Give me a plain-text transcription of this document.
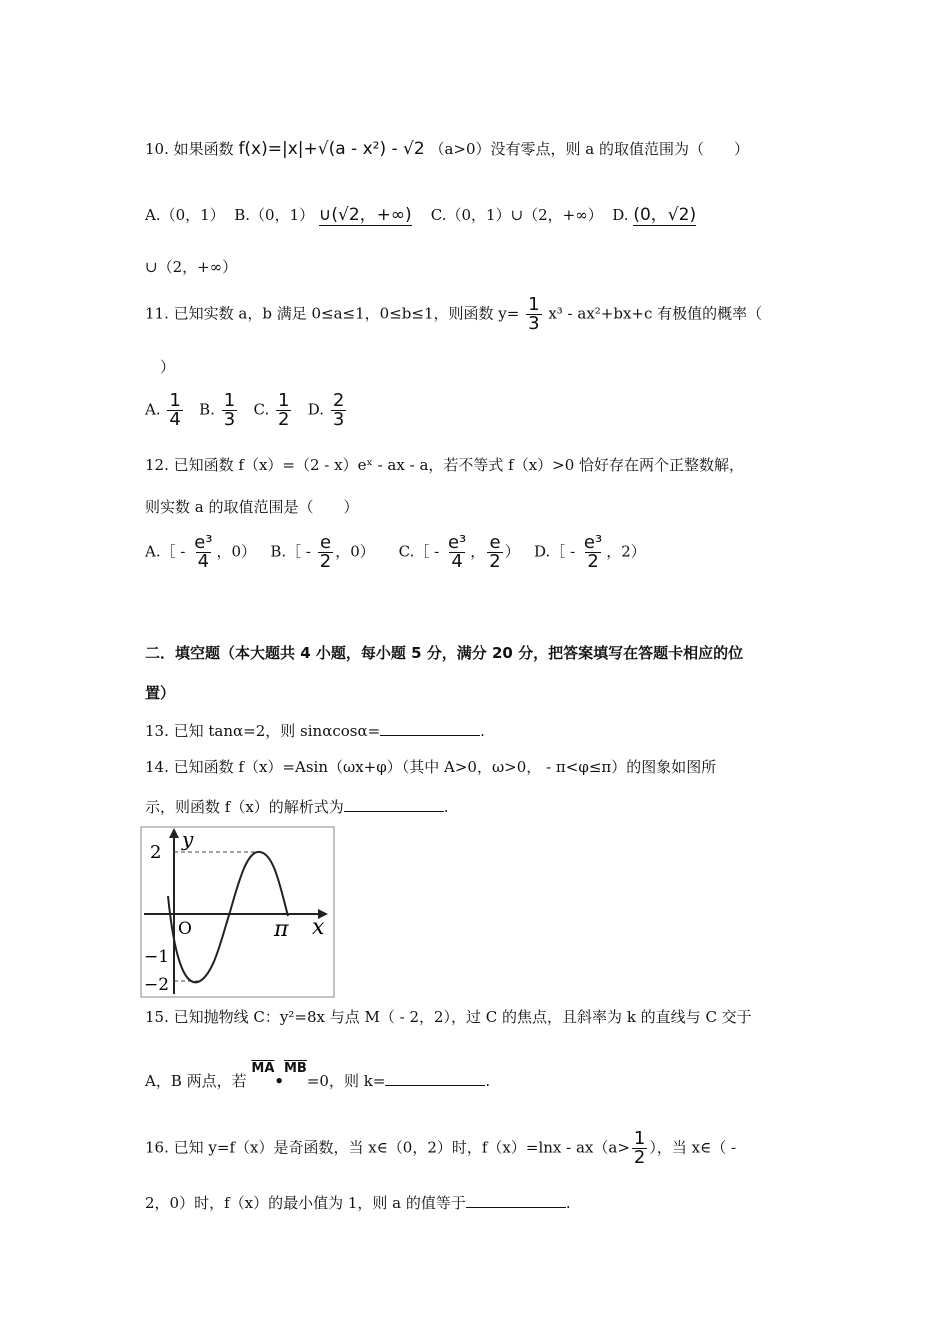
10. 如果函数 f(x)=|x|+√(a - x²) - √2 （a>0）没有零点，则 a 的取值范围为（　　）
A.（0，1） B.（0，1） ∪(√2，+∞) C.（0，1）∪（2，+∞） D. (0，√2)
∪（2，+∞）
11. 已知实数 a，b 满足 0≤a≤1，0≤b≤1，则函数 $y= \frac{1}{3} x^3 - ax^2+bx+c$ 有极值的概率（
）
A. $\frac{1}{4} B$. $\frac{1}{3} C$. $\frac{1}{2} D$. $\frac{2}{3}$
12. 已知函数 f（x）=（2 - x）eˣ - ax - a，若不等式 f（x）>0 恰好存在两个正整数解，
则实数 a 的取值范围是（　　）
A.［ - $\frac{\text{e³}}{4}$ ，0） B.［ - $\frac{e}{2}$ ，0） C.［ - $\frac{\text{e³}}{4}$ ， $\frac{e}{2}$ ） D.［ - $\frac{\text{e³}}{2}$ ，2）
二．填空题（本大题共 4 小题，每小题 5 分，满分 20 分，把答案填写在答题卡相应的位
置）
13. 已知 tanα=2，则 sinαcosα=	.
14. 已知函数 f（x）=Asin（ωx+φ）（其中 A>0，ω>0， - π<φ≤π）的图象如图所
示，则函数 f（x）的解析式为	.
y
x
O	π
2
−1
−2
15. 已知抛物线 C：y²=8x 与点 M（ - 2，2），过 C 的焦点，且斜率为 k 的直线与 C 交于
A，B 两点，若 $\overline{MA}•\overline{MB}=0$，则 k=	.
16. 已知 y=f（x）是奇函数，当 x∈（0，2）时，$f(x)=\ln x - ax(a> \frac{1}{2}$ ），当 x∈（ -
2，0）时，f（x）的最小值为 1，则 a 的值等于	.
